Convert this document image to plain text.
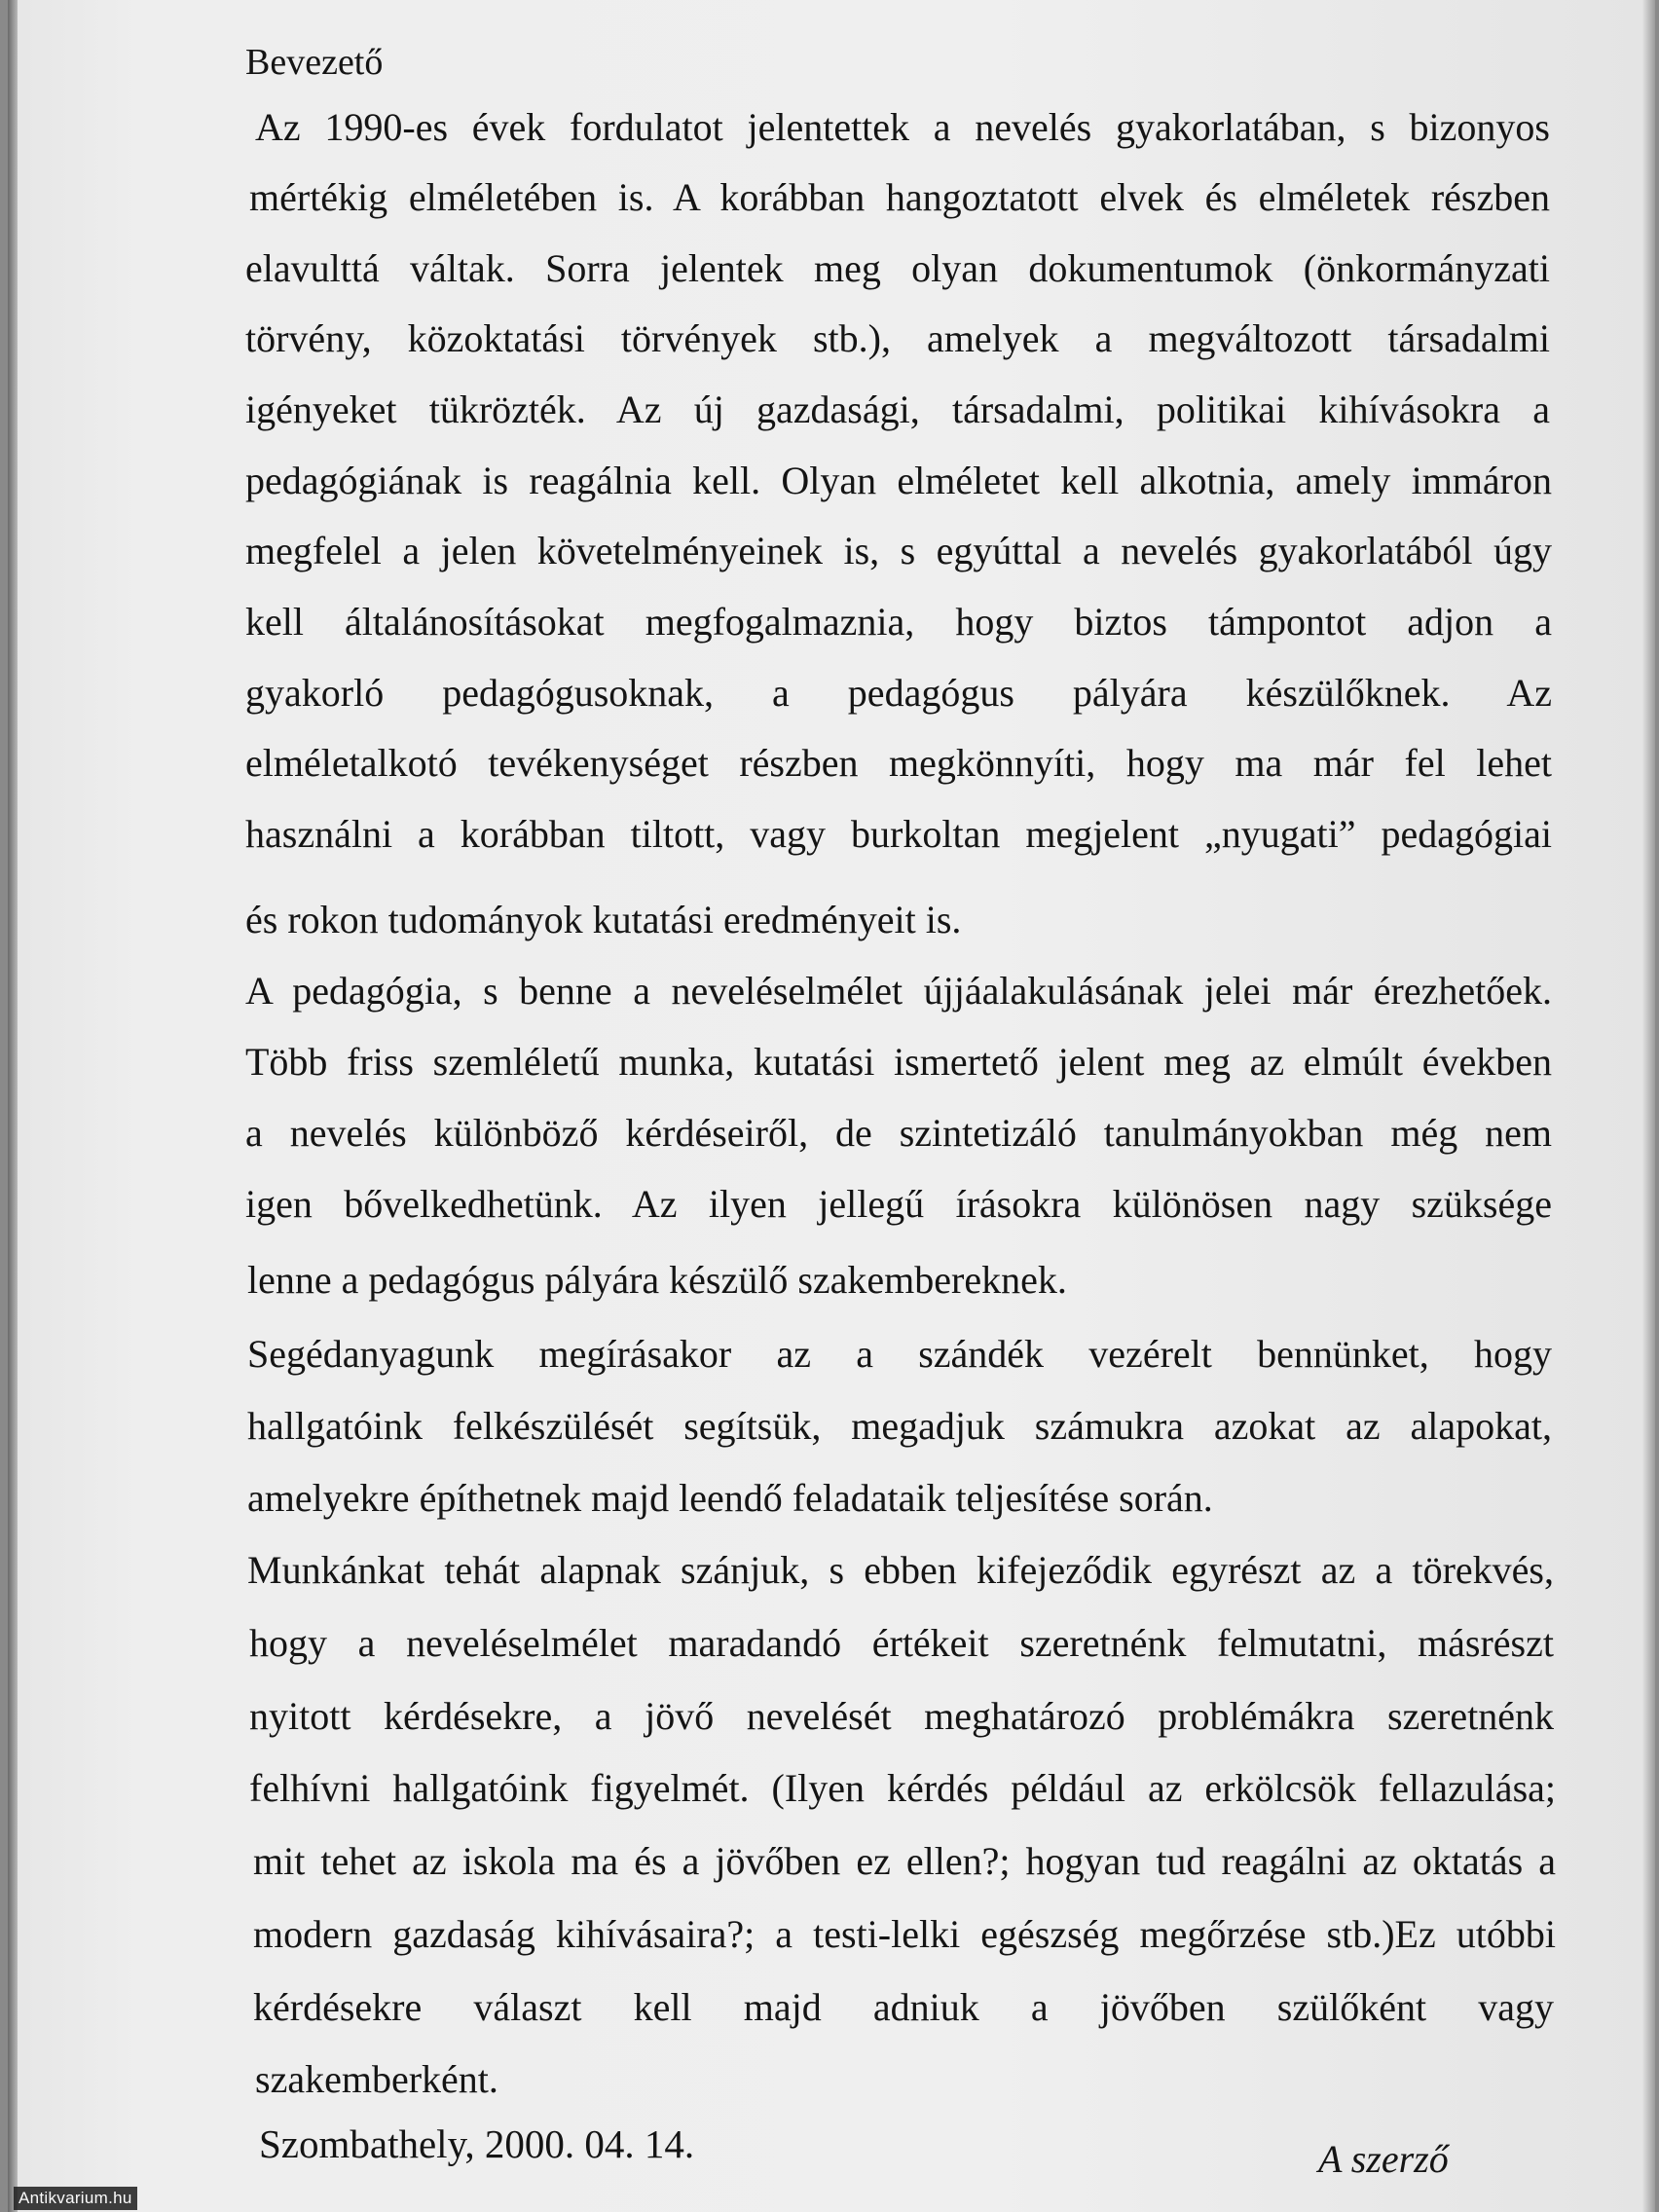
Bevezető
Az 1990-es évek fordulatot jelentettek a nevelés gyakorlatában, s bizonyos
mértékig elméletében is. A korábban hangoztatott elvek és elméletek részben
elavulttá váltak. Sorra jelentek meg olyan dokumentumok (önkormányzati
törvény, közoktatási törvények stb.), amelyek a megváltozott társadalmi
igényeket tükrözték. Az új gazdasági, társadalmi, politikai kihívásokra a
pedagógiának is reagálnia kell. Olyan elméletet kell alkotnia, amely immáron
megfelel a jelen követelményeinek is, s egyúttal a nevelés gyakorlatából úgy
kell általánosításokat megfogalmaznia, hogy biztos támpontot adjon a
gyakorló pedagógusoknak, a pedagógus pályára készülőknek. Az
elméletalkotó tevékenységet részben megkönnyíti, hogy ma már fel lehet
használni a korábban tiltott, vagy burkoltan megjelent „nyugati” pedagógiai
és rokon tudományok kutatási eredményeit is.
A pedagógia, s benne a neveléselmélet újjáalakulásának jelei már érezhetőek.
Több friss szemléletű munka, kutatási ismertető jelent meg az elmúlt években
a nevelés különböző kérdéseiről, de szintetizáló tanulmányokban még nem
igen bővelkedhetünk. Az ilyen jellegű írásokra különösen nagy szüksége
lenne a pedagógus pályára készülő szakembereknek.
Segédanyagunk megírásakor az a szándék vezérelt bennünket, hogy
hallgatóink felkészülését segítsük, megadjuk számukra azokat az alapokat,
amelyekre építhetnek majd leendő feladataik teljesítése során.
Munkánkat tehát alapnak szánjuk, s ebben kifejeződik egyrészt az a törekvés,
hogy a neveléselmélet maradandó értékeit szeretnénk felmutatni, másrészt
nyitott kérdésekre, a jövő nevelését meghatározó problémákra szeretnénk
felhívni hallgatóink figyelmét. (Ilyen kérdés például az erkölcsök fellazulása;
mit tehet az iskola ma és a jövőben ez ellen?; hogyan tud reagálni az oktatás a
modern gazdaság kihívásaira?; a testi-lelki egészség megőrzése stb.)Ez utóbbi
kérdésekre választ kell majd adniuk a jövőben szülőként vagy
szakemberként.
Szombathely, 2000. 04. 14.	A szerző
Antikvarium.hu
